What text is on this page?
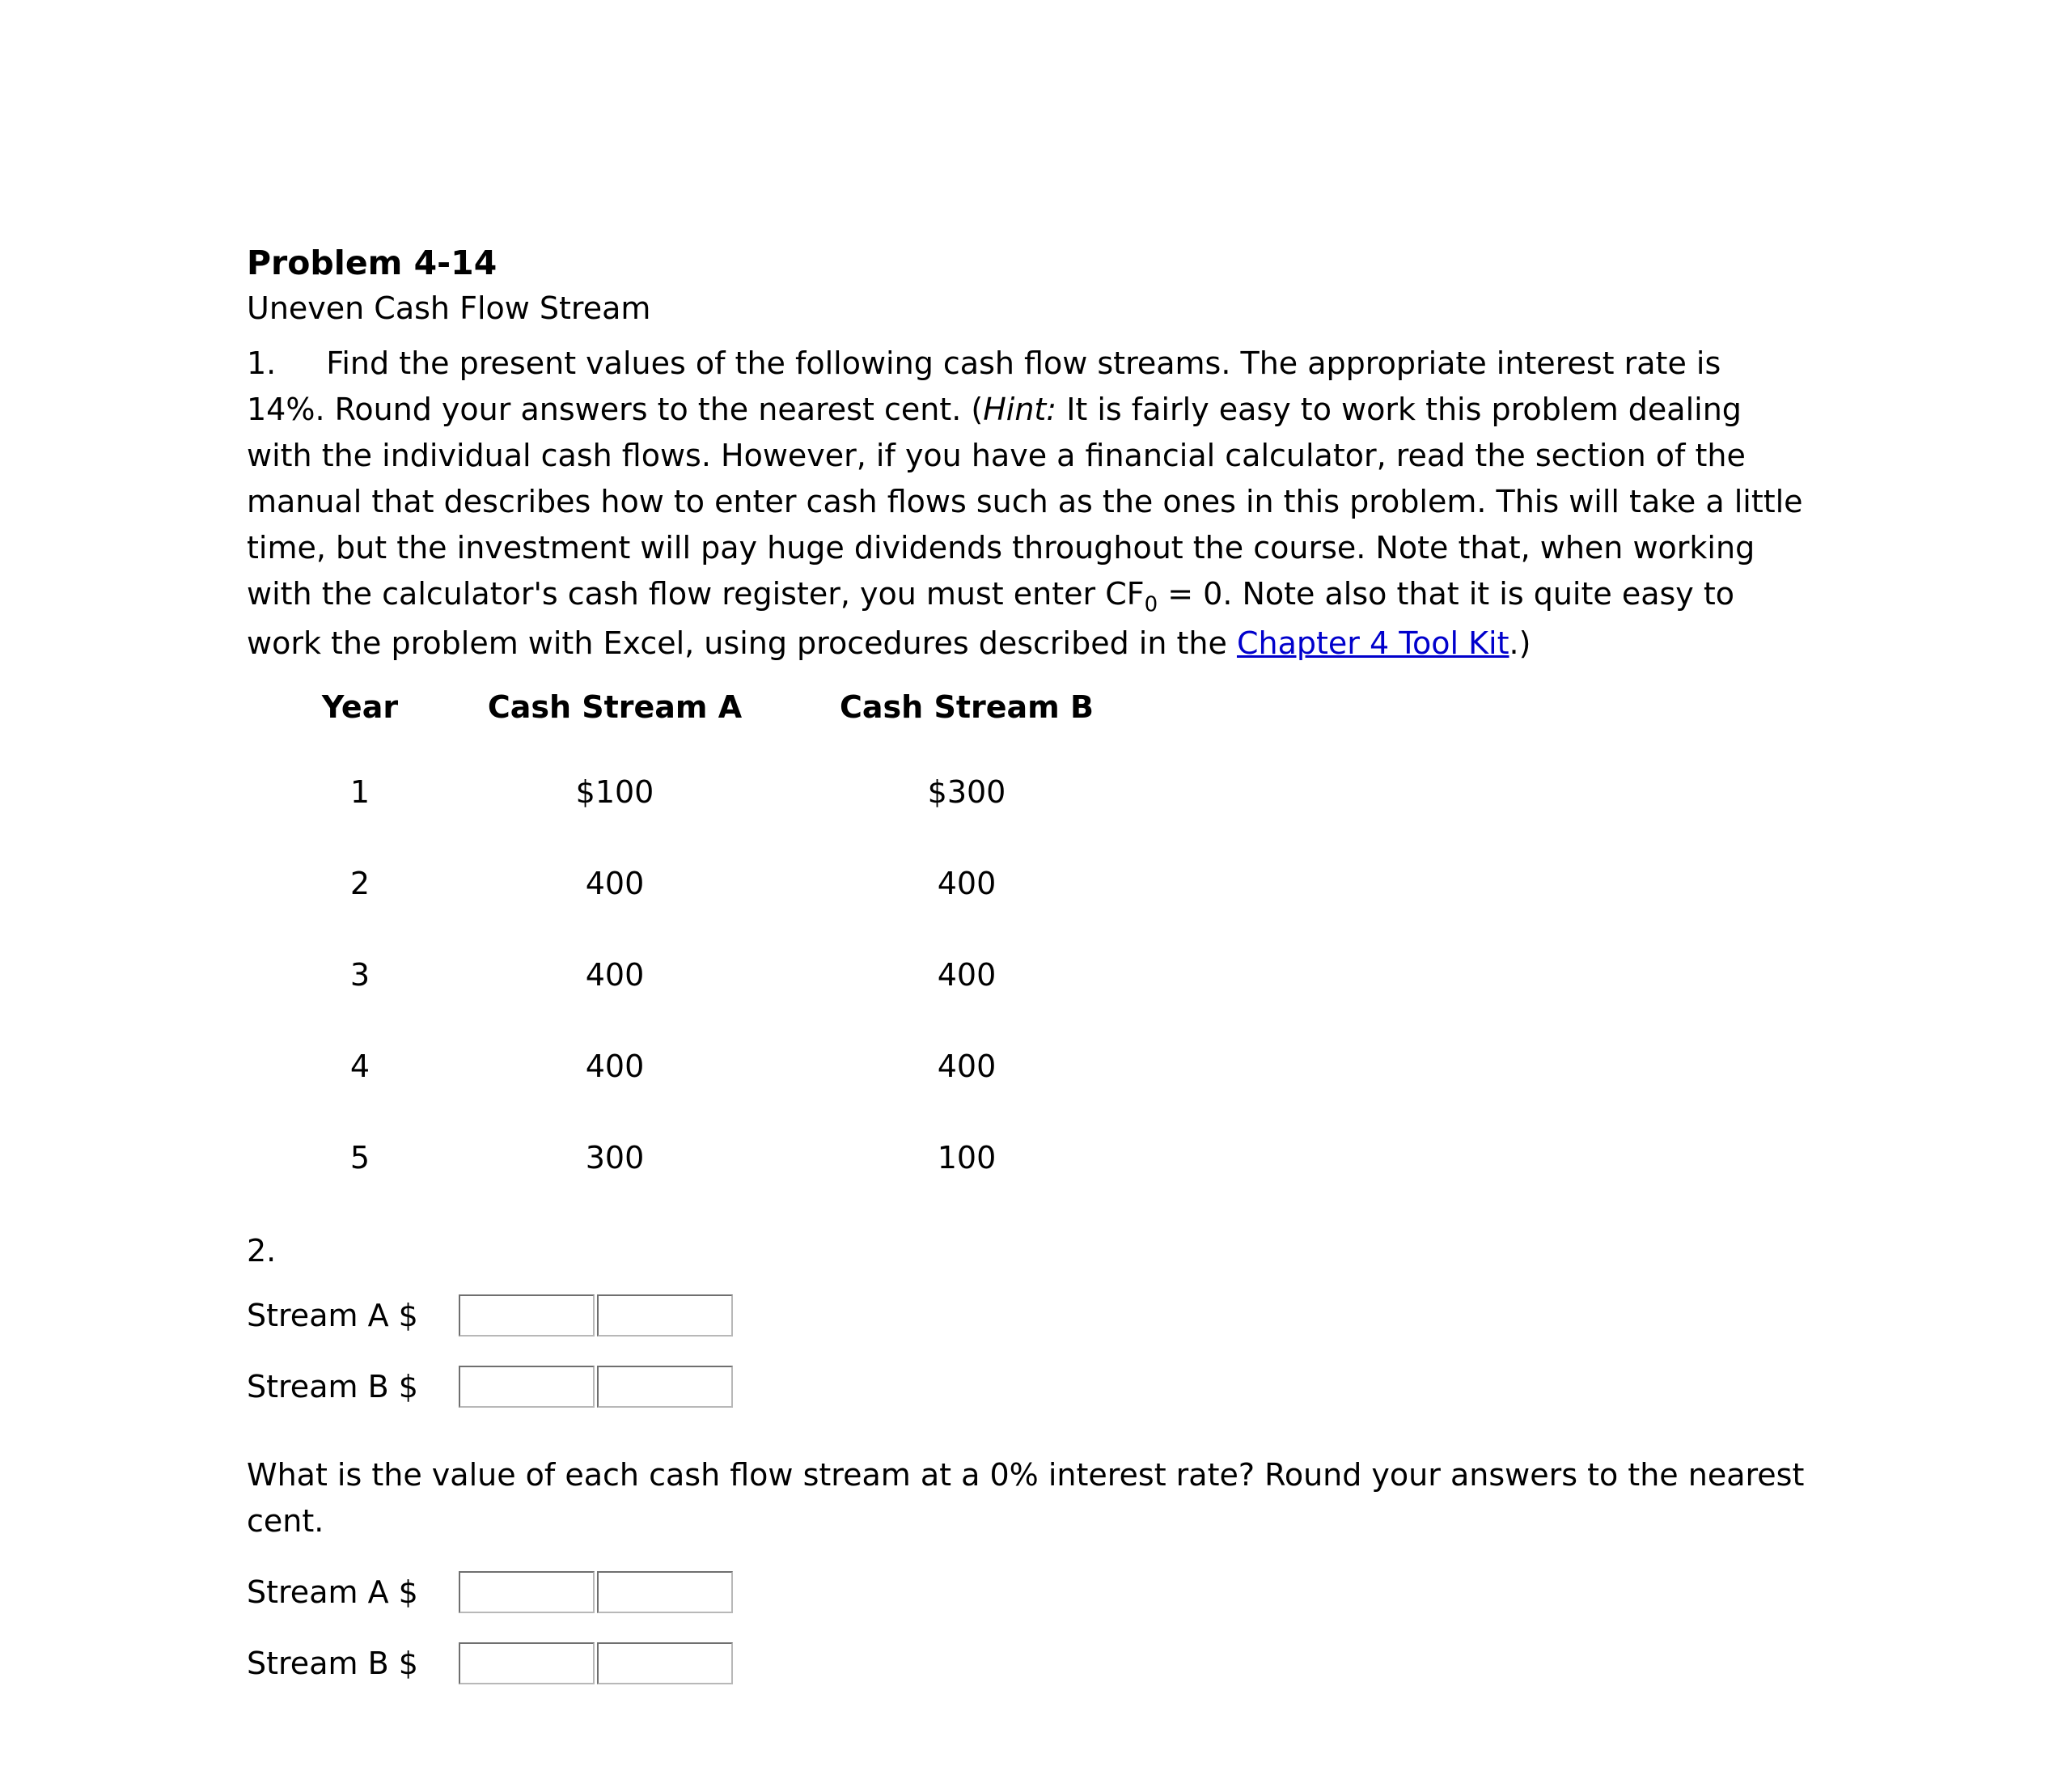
Problem 4-14
Uneven Cash Flow Stream

1. Find the present values of the following cash flow streams. The appropriate interest rate is 14%. Round your answers to the nearest cent. (Hint: It is fairly easy to work this problem dealing with the individual cash flows. However, if you have a financial calculator, read the section of the manual that describes how to enter cash flows such as the ones in this problem. This will take a little time, but the investment will pay huge dividends throughout the course. Note that, when working with the calculator's cash flow register, you must enter $CF_0 = 0$. Note also that it is quite easy to work the problem with Excel, using procedures described in the Chapter 4 Tool Kit.)

Year	Cash Stream A	Cash Stream B
1	$100	$300
2	400	400
3	400	400
4	400	400
5	300	100
2.
Stream A $
Stream B $

What is the value of each cash flow stream at a 0% interest rate? Round your answers to the nearest cent.

Stream A $
Stream B $
